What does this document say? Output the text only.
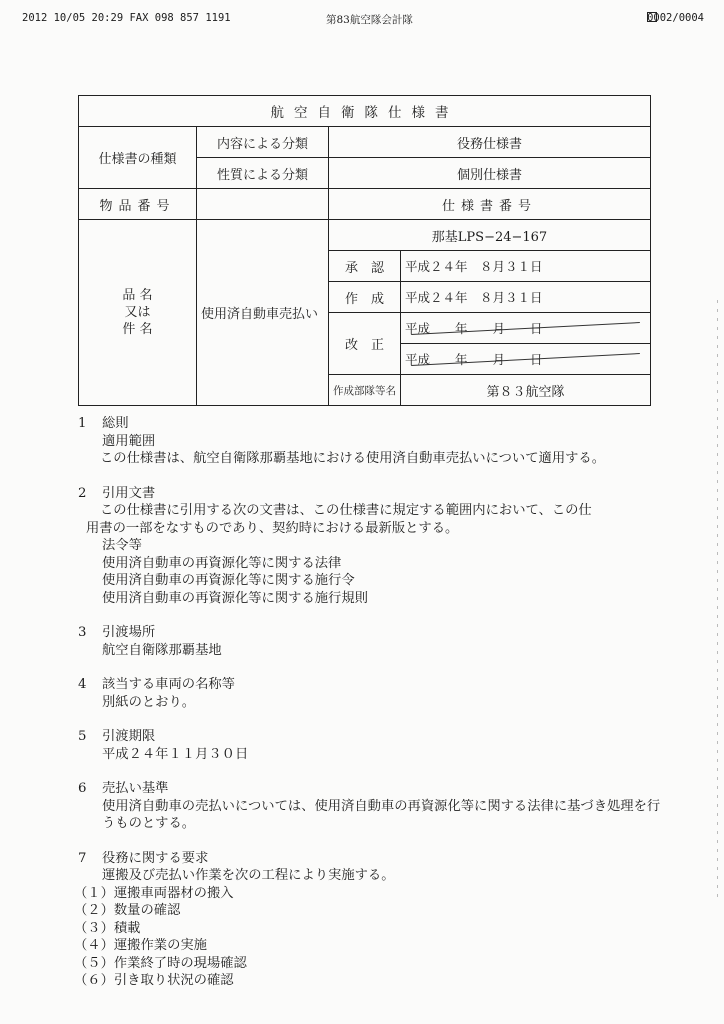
2012 10/05 20:29 FAX 098 857 1191	第83航空隊会計隊	0002/0004
航空自衛隊仕様書			
仕様書の種類	内容による分類	役務仕様書	
	性質による分類	個別仕様書	
物品番号		仕様書番号	

品 名
又は
件 名	使用済自動車売払い	那基LPS−24−167	
		承　認	平成２４年　８月３１日
		作　成	平成２４年　８月３１日
		改　正	平成　　年　　月　　日
			平成　　年　　月　　日
		作成部隊等名	第８３航空隊
1 総則
適用範囲
この仕様書は、航空自衛隊那覇基地における使用済自動車売払いについて適用する。
2 引用文書
この仕様書に引用する次の文書は、この仕様書に規定する範囲内において、この仕
用書の一部をなすものであり、契約時における最新版とする。
法令等
使用済自動車の再資源化等に関する法律
使用済自動車の再資源化等に関する施行令
使用済自動車の再資源化等に関する施行規則
3 引渡場所
航空自衛隊那覇基地
4 該当する車両の名称等
別紙のとおり。
5 引渡期限
平成２４年１１月３０日
6 売払い基準
使用済自動車の売払いについては、使用済自動車の再資源化等に関する法律に基づき処理を行うものとする。
7 役務に関する要求
運搬及び売払い作業を次の工程により実施する。
（１）運搬車両器材の搬入
（２）数量の確認
（３）積載
（４）運搬作業の実施
（５）作業終了時の現場確認
（６）引き取り状況の確認
